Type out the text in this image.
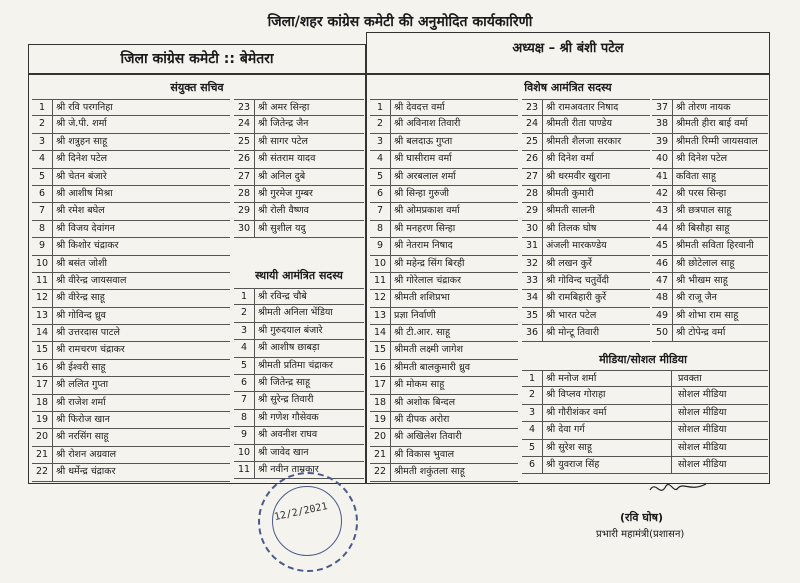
जिला/शहर कांग्रेस कमेटी की अनुमोदित कार्यकारिणी
जिला कांग्रेस कमेटी :: बेमेतरा
अध्यक्ष – श्री बंशी पटेल
संयुक्त सचिव
स्थायी आमंत्रित सदस्य
विशेष आमंत्रित सदस्य
मीडिया/सोशल मीडिया
1	श्री रवि परगनिहा
2	श्री जे.पी. शर्मा
3	श्री शत्रुहन साहू
4	श्री दिनेश पटेल
5	श्री चेतन बंजारे
6	श्री आशीष मिश्रा
7	श्री रमेश बघेल
8	श्री विजय देवांगन
9	श्री किशोर चंद्राकर
10 श्री बसंत जोशी
11 श्री वीरेन्द्र जायसवाल
12 श्री वीरेन्द्र साहू
13 श्री गोविन्द ध्रुव
14 श्री उत्तरदास पाटले
15 श्री रामचरण चंद्राकर
16 श्री ईश्वरी साहू
17 श्री ललित गुप्ता
18 श्री राजेश शर्मा
19 श्री फिरोज खान
20 श्री नरसिंग साहू
21 श्री रोशन अग्रवाल
22 श्री धर्मेन्द्र चंद्राकर
23 श्री अमर सिन्हा
24 श्री जितेन्द्र जैन
25 श्री सागर पटेल
26 श्री संतराम यादव
27 श्री अनिल दुबे
28 श्री गुरमेज गुम्बर
29 श्री रोली वैष्णव
30 श्री सुशील यदु
1	श्री रविन्द्र चौबे
2	श्रीमती अनिला भेंडिया
3	श्री गुरुदयाल बंजारे
4	श्री आशीष छाबड़ा
5	श्रीमती प्रतिमा चंद्राकर
6	श्री जितेन्द्र साहू
7	श्री सुरेन्द्र तिवारी
8	श्री गणेश गौसेवक
9	श्री अवनीश राघव
10 श्री जावेद खान
11 श्री नवीन ताम्रकार
1	श्री देवदत्त वर्मा
2	श्री अविनाश तिवारी
3	श्री बलदाऊ गुप्ता
4	श्री घासीराम वर्मा
5	श्री अरबलाल शर्मा
6	श्री सिन्हा गुरुजी
7	श्री ओमप्रकाश वर्मा
8	श्री मनहरण सिन्हा
9	श्री नेतराम निषाद
10 श्री महेन्द्र सिंग बिरही
11 श्री गोरेलाल चंद्राकर
12 श्रीमती शशिप्रभा
13 प्रज्ञा निर्वाणी
14 श्री टी.आर. साहू
15 श्रीमती लक्ष्मी जागेश
16 श्रीमती बालकुमारी ध्रुव
17 श्री मोकम साहू
18 श्री अशोक बिन्दल
19 श्री दीपक अरोरा
20 श्री अखिलेश तिवारी
21 श्री विकास भुवाल
22 श्रीमती शकुंतला साहू
23 श्री रामअवतार निषाद
24 श्रीमती रीता पाण्डेय
25 श्रीमती शैलजा सरकार
26 श्री दिनेश वर्मा
27 श्री धरमवीर खुराना
28 श्रीमती कुमारी
29 श्रीमती सालनी
30 श्री तिलक घोष
31 अंजली मारकण्डेय
32 श्री लखन कुर्रे
33 श्री गोविन्द चतुर्वेदी
34 श्री रामबिहारी कुर्रे
35 श्री भारत पटेल
36 श्री मोन्टू तिवारी
37 श्री तोरण नायक
38 श्रीमती हीरा बाई वर्मा
39 श्रीमती रिम्मी जायसवाल
40 श्री दिनेश पटेल
41 कविता साहू
42 श्री परस सिन्हा
43 श्री छत्रपाल साहू
44 श्री बिसौहा साहू
45 श्रीमती सविता हिरवानी
46 श्री छोटेलाल साहू
47 श्री भीखम साहू
48 श्री राजू जैन
49 श्री शोभा राम साहू
50 श्री टोपेन्द्र वर्मा
1	श्री मनोज शर्मा	प्रवक्ता
2	श्री विप्लव गोराहा	सोशल मीडिया
3	श्री गौरीशंकर वर्मा	सोशल मीडिया
4	श्री देवा गर्ग	सोशल मीडिया
5	श्री सुरेश साहू	सोशल मीडिया
6	श्री युवराज सिंह	सोशल मीडिया
12/2/2021	(रवि घोष)
प्रभारी महामंत्री(प्रशासन)
